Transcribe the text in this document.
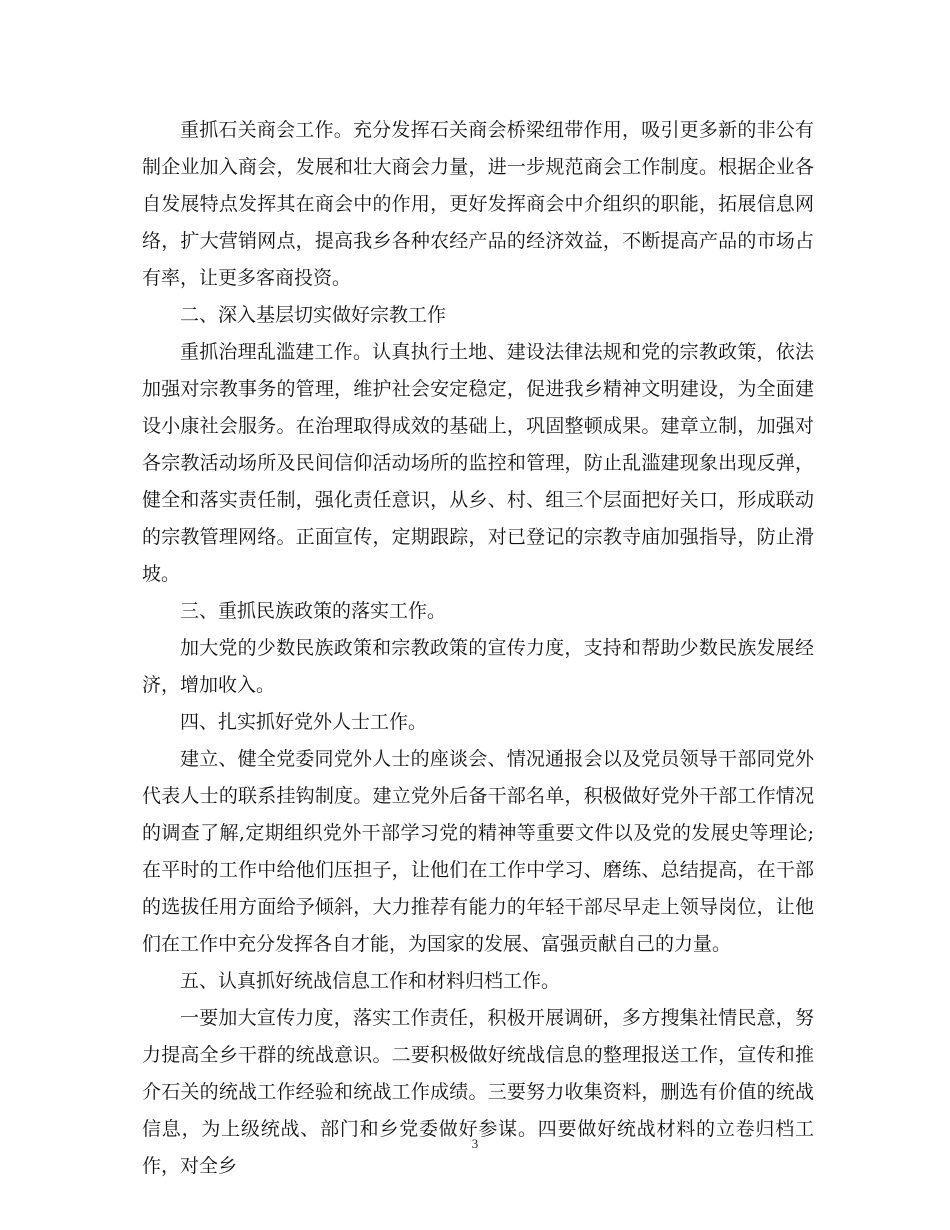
重抓石关商会工作。充分发挥石关商会桥梁纽带作用，吸引更多新的非公有制企业加入商会，发展和壮大商会力量，进一步规范商会工作制度。根据企业各自发展特点发挥其在商会中的作用，更好发挥商会中介组织的职能，拓展信息网络，扩大营销网点，提高我乡各种农经产品的经济效益，不断提高产品的市场占有率，让更多客商投资。

二、深入基层切实做好宗教工作

重抓治理乱滥建工作。认真执行土地、建设法律法规和党的宗教政策，依法加强对宗教事务的管理，维护社会安定稳定，促进我乡精神文明建设，为全面建设小康社会服务。在治理取得成效的基础上，巩固整顿成果。建章立制，加强对各宗教活动场所及民间信仰活动场所的监控和管理，防止乱滥建现象出现反弹，健全和落实责任制，强化责任意识，从乡、村、组三个层面把好关口，形成联动的宗教管理网络。正面宣传，定期跟踪，对已登记的宗教寺庙加强指导，防止滑坡。

三、重抓民族政策的落实工作。

加大党的少数民族政策和宗教政策的宣传力度，支持和帮助少数民族发展经济，增加收入。

四、扎实抓好党外人士工作。

建立、健全党委同党外人士的座谈会、情况通报会以及党员领导干部同党外代表人士的联系挂钩制度。建立党外后备干部名单，积极做好党外干部工作情况的调查了解,定期组织党外干部学习党的精神等重要文件以及党的发展史等理论;在平时的工作中给他们压担子，让他们在工作中学习、磨练、总结提高，在干部的选拔任用方面给予倾斜，大力推荐有能力的年轻干部尽早走上领导岗位，让他们在工作中充分发挥各自才能，为国家的发展、富强贡献自己的力量。

五、认真抓好统战信息工作和材料归档工作。

一要加大宣传力度，落实工作责任，积极开展调研，多方搜集社情民意，努力提高全乡干群的统战意识。二要积极做好统战信息的整理报送工作，宣传和推介石关的统战工作经验和统战工作成绩。三要努力收集资料，删选有价值的统战信息，为上级统战、部门和乡党委做好参谋。四要做好统战材料的立卷归档工作，对全乡

3
